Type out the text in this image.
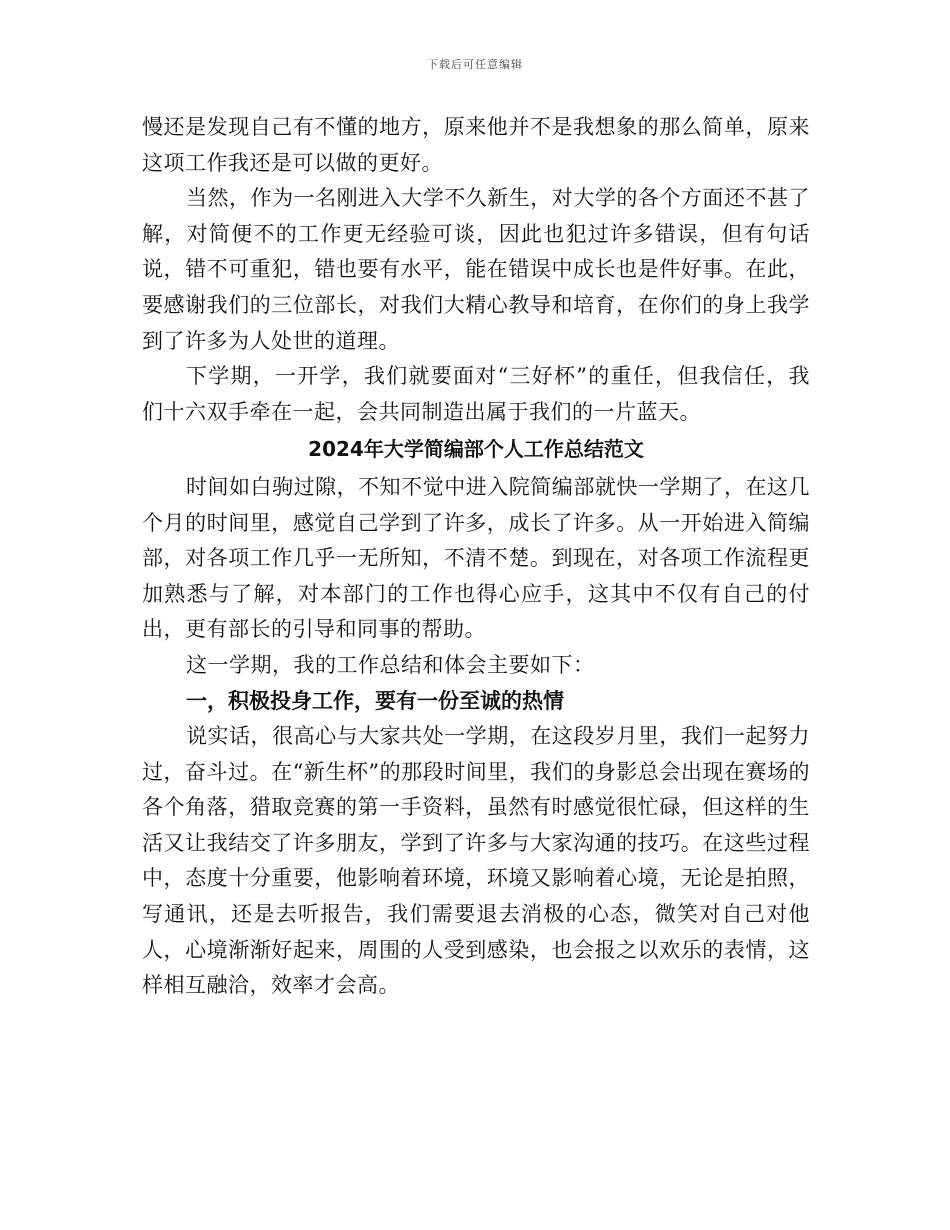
下载后可任意编辑

慢还是发现自己有不懂的地方，原来他并不是我想象的那么简单，原来这项工作我还是可以做的更好。

当然，作为一名刚进入大学不久新生，对大学的各个方面还不甚了解，对简便不的工作更无经验可谈，因此也犯过许多错误，但有句话说，错不可重犯，错也要有水平，能在错误中成长也是件好事。在此，要感谢我们的三位部长，对我们大精心教导和培育，在你们的身上我学到了许多为人处世的道理。

下学期，一开学，我们就要面对“三好杯”的重任，但我信任，我们十六双手牵在一起，会共同制造出属于我们的一片蓝天。

2024年大学简编部个人工作总结范文

时间如白驹过隙，不知不觉中进入院简编部就快一学期了，在这几个月的时间里，感觉自己学到了许多，成长了许多。从一开始进入简编部，对各项工作几乎一无所知，不清不楚。到现在，对各项工作流程更加熟悉与了解，对本部门的工作也得心应手，这其中不仅有自己的付出，更有部长的引导和同事的帮助。

这一学期，我的工作总结和体会主要如下：

一，积极投身工作，要有一份至诚的热情

说实话，很高心与大家共处一学期，在这段岁月里，我们一起努力过，奋斗过。在“新生杯”的那段时间里，我们的身影总会出现在赛场的各个角落，猎取竞赛的第一手资料，虽然有时感觉很忙碌，但这样的生活又让我结交了许多朋友，学到了许多与大家沟通的技巧。在这些过程中，态度十分重要，他影响着环境，环境又影响着心境，无论是拍照，写通讯，还是去听报告，我们需要退去消极的心态，微笑对自己对他人，心境渐渐好起来，周围的人受到感染，也会报之以欢乐的表情，这样相互融洽，效率才会高。
